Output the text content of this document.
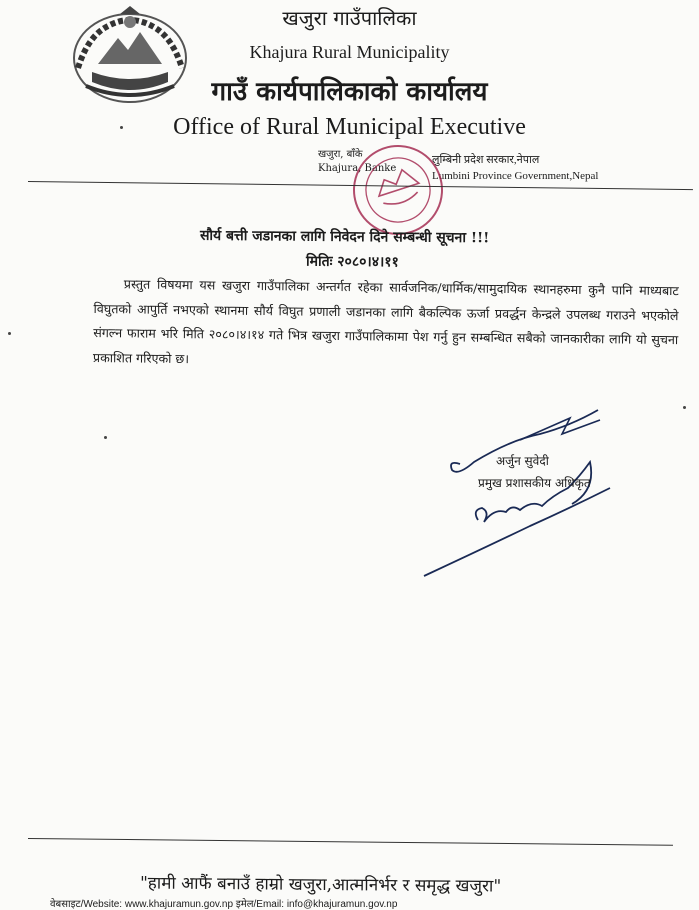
खजुरा गाउँपालिका
Khajura Rural Municipality
गाउँ कार्यपालिकाको कार्यालय
Office of Rural Municipal Executive
खजुरा, बाँके
Khajura, Banke
लुम्बिनी प्रदेश सरकार,नेपाल
Lumbini Province Government,Nepal
सौर्य बत्ती जडानका लागि निवेदन दिने सम्बन्धी सूचना !!!
मितिः २०८०।४।११
प्रस्तुत विषयमा यस खजुरा गाउँपालिका अन्तर्गत रहेका सार्वजनिक/धार्मिक/सामुदायिक स्थानहरुमा कुनै पानि माध्यबाट विघुतको आपुर्ति नभएको स्थानमा सौर्य विघुत प्रणाली जडानका लागि बैकल्पिक ऊर्जा प्रवर्द्धन केन्द्रले उपलब्ध गराउने भएकोले संगल्न फाराम भरि मिति २०८०।४।१४ गते भित्र खजुरा गाउँपालिकामा पेश गर्नु हुन सम्बन्धित सबैको जानकारीका लागि यो सुचना प्रकाशित गरिएको छ।
अर्जुन सुवेदी
प्रमुख प्रशासकीय अधिकृत
"हामी आफैं बनाउँ हाम्रो खजुरा,आत्मनिर्भर र समृद्ध खजुरा"
वेबसाइट/Website: www.khajuramun.gov.np इमेल/Email: info@khajuramun.gov.np
